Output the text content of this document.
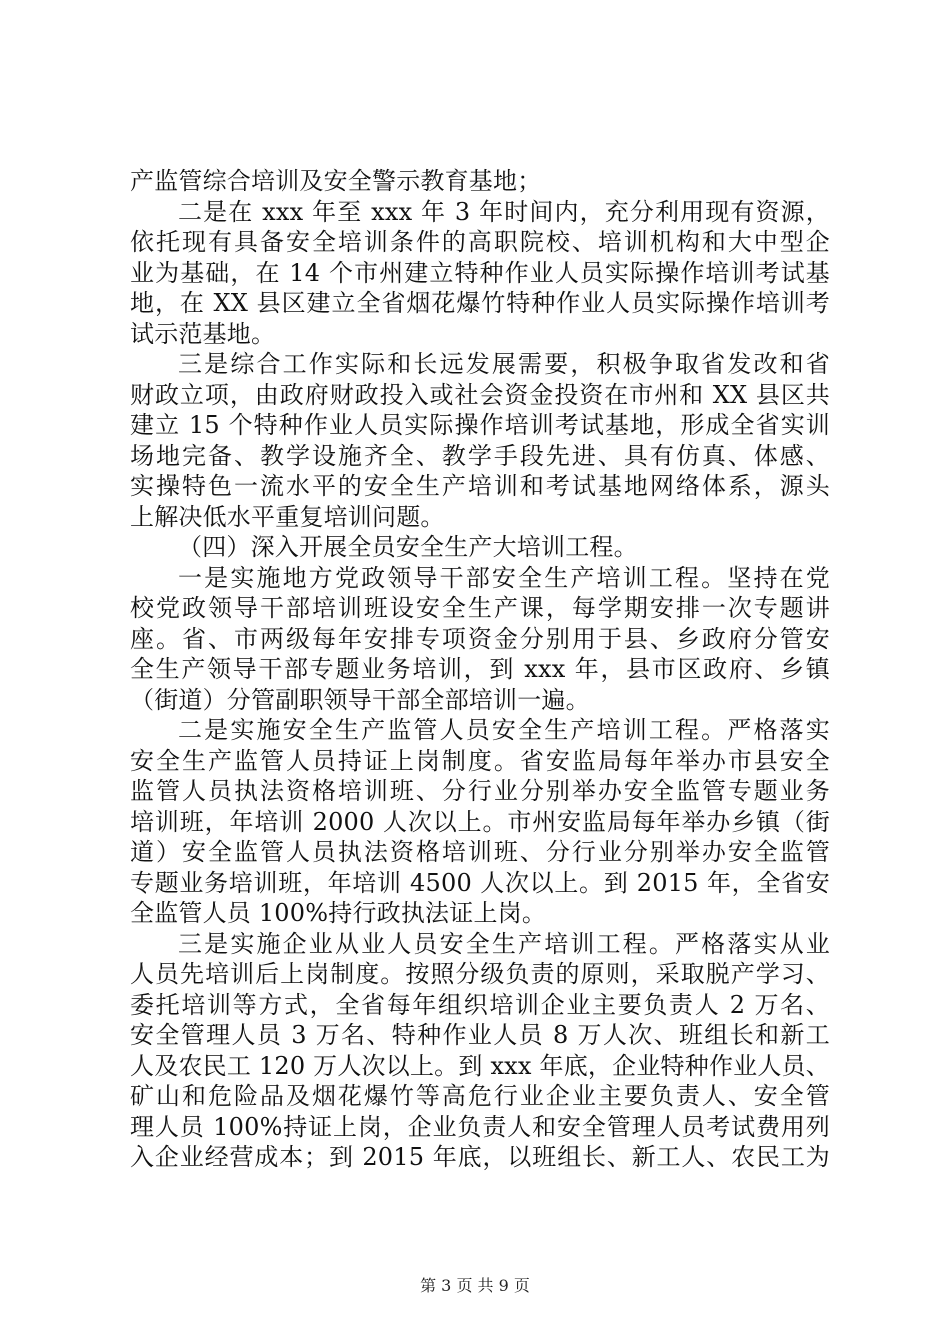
产监管综合培训及安全警示教育基地；
二是在 xxx 年至 xxx 年 3 年时间内，充分利用现有资源，
依托现有具备安全培训条件的高职院校、培训机构和大中型企
业为基础，在 14 个市州建立特种作业人员实际操作培训考试基
地，在 XX 县区建立全省烟花爆竹特种作业人员实际操作培训考
试示范基地。
三是综合工作实际和长远发展需要，积极争取省发改和省
财政立项，由政府财政投入或社会资金投资在市州和 XX 县区共
建立 15 个特种作业人员实际操作培训考试基地，形成全省实训
场地完备、教学设施齐全、教学手段先进、具有仿真、体感、
实操特色一流水平的安全生产培训和考试基地网络体系，源头
上解决低水平重复培训问题。
（四）深入开展全员安全生产大培训工程。
一是实施地方党政领导干部安全生产培训工程。坚持在党
校党政领导干部培训班设安全生产课，每学期安排一次专题讲
座。省、市两级每年安排专项资金分别用于县、乡政府分管安
全生产领导干部专题业务培训，到 xxx 年，县市区政府、乡镇
（街道）分管副职领导干部全部培训一遍。
二是实施安全生产监管人员安全生产培训工程。严格落实
安全生产监管人员持证上岗制度。省安监局每年举办市县安全
监管人员执法资格培训班、分行业分别举办安全监管专题业务
培训班，年培训 2000 人次以上。市州安监局每年举办乡镇（街
道）安全监管人员执法资格培训班、分行业分别举办安全监管
专题业务培训班，年培训 4500 人次以上。到 2015 年，全省安
全监管人员 100%持行政执法证上岗。
三是实施企业从业人员安全生产培训工程。严格落实从业
人员先培训后上岗制度。按照分级负责的原则，采取脱产学习、
委托培训等方式，全省每年组织培训企业主要负责人 2 万名、
安全管理人员 3 万名、特种作业人员 8 万人次、班组长和新工
人及农民工 120 万人次以上。到 xxx 年底，企业特种作业人员、
矿山和危险品及烟花爆竹等高危行业企业主要负责人、安全管
理人员 100%持证上岗，企业负责人和安全管理人员考试费用列
入企业经营成本；到 2015 年底，以班组长、新工人、农民工为
第 3 页 共 9 页
